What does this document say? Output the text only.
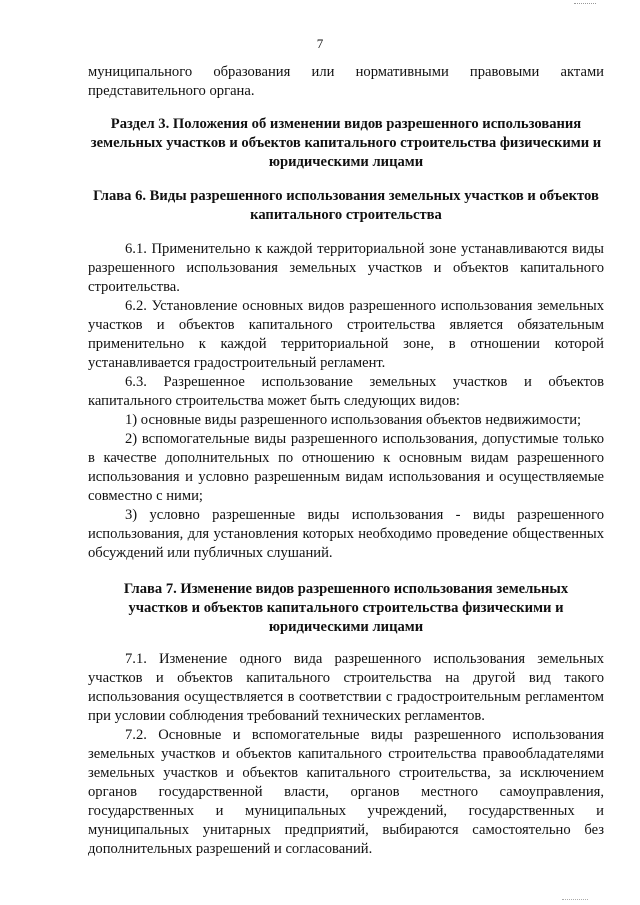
7

муниципального образования или нормативными правовыми актами представительного органа.

Раздел 3. Положения об изменении видов разрешенного использования земельных участков и объектов капитального строительства физическими и юридическими лицами
Глава 6. Виды разрешенного использования земельных участков и объектов капитального строительства

6.1. Применительно к каждой территориальной зоне устанавливаются виды разрешенного использования земельных участков и объектов капитального строительства.

6.2. Установление основных видов разрешенного использования земельных участков и объектов капитального строительства является обязательным применительно к каждой территориальной зоне, в отношении которой устанавливается градостроительный регламент.

6.3. Разрешенное использование земельных участков и объектов капитального строительства может быть следующих видов:

1) основные виды разрешенного использования объектов недвижимости;

2) вспомогательные виды разрешенного использования, допустимые только в качестве дополнительных по отношению к основным видам разрешенного использования и условно разрешенным видам использования и осуществляемые совместно с ними;

3) условно разрешенные виды использования - виды разрешенного использования, для установления которых необходимо проведение общественных обсуждений или публичных слушаний.

Глава 7. Изменение видов разрешенного использования земельных
участков и объектов капитального строительства физическими и
юридическими лицами

7.1. Изменение одного вида разрешенного использования земельных участков и объектов капитального строительства на другой вид такого использования осуществляется в соответствии с градостроительным регламентом при условии соблюдения требований технических регламентов.

7.2. Основные и вспомогательные виды разрешенного использования земельных участков и объектов капитального строительства правообладателями земельных участков и объектов капитального строительства, за исключением органов государственной власти, органов местного самоуправления, государственных и муниципальных учреждений, государственных и муниципальных унитарных предприятий, выбираются самостоятельно без дополнительных разрешений и согласований.
